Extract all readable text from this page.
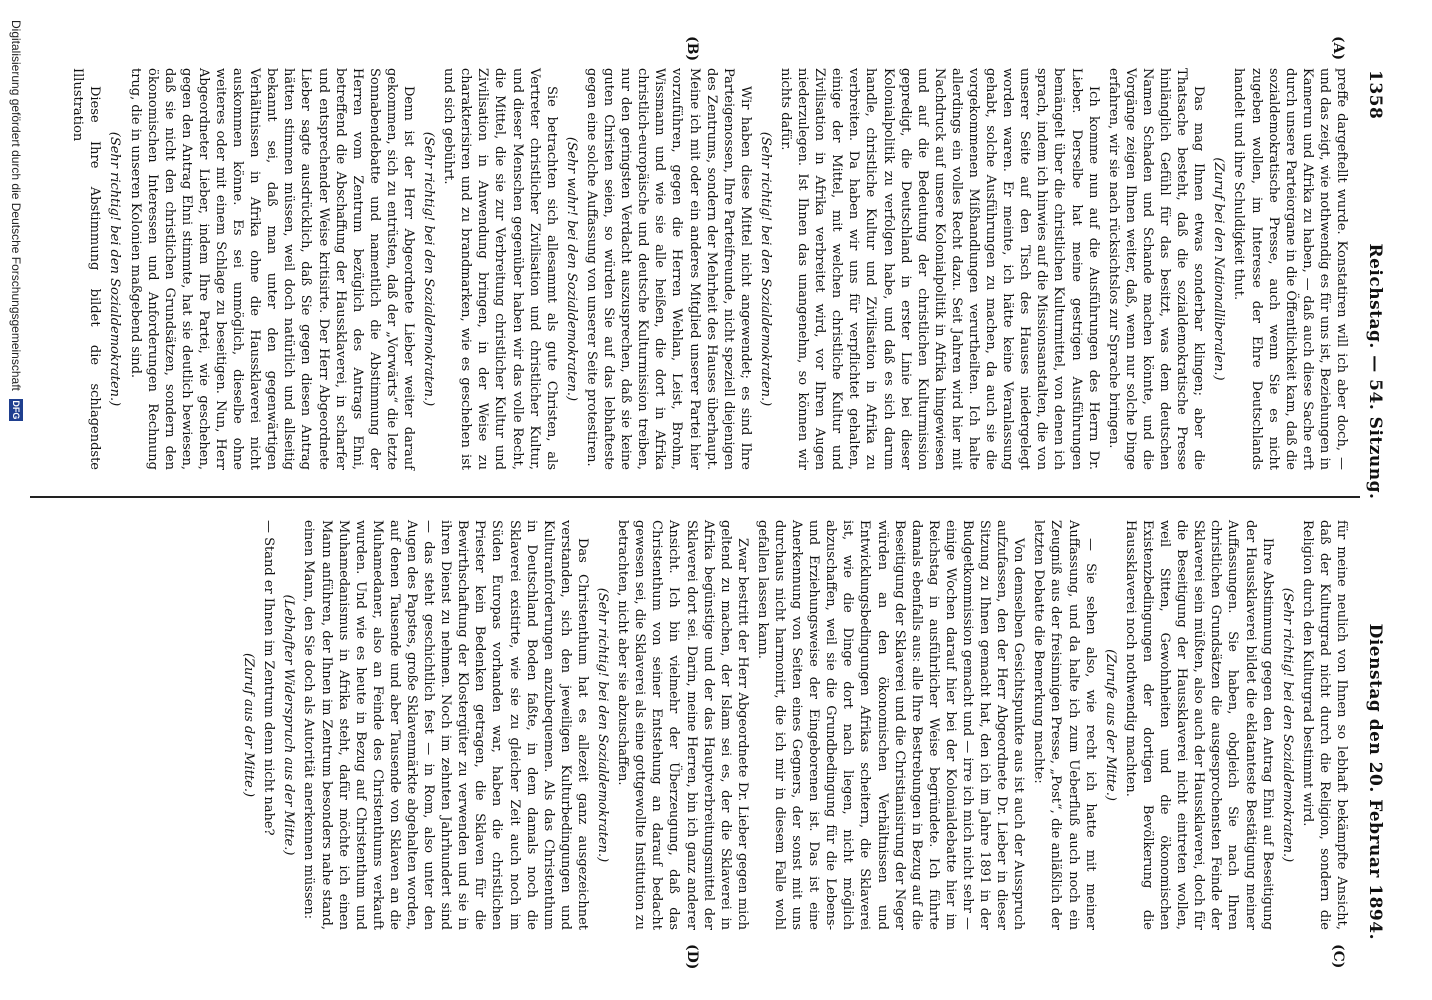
1358
Reichstag. — 54. Sitzung.
Dienstag den 20. Februar 1894.
(A)
(B)
(C)
(D)

preffe dargeftellt wurde. Konstatiren will ich aber doch, — und das zeigt, wie nothwendig es für uns ist, Beziehungen in Kamerun und Afrika zu haben, — daß auch diese Sache erft durch unsere Parteiorgane in die Öffentlichkeit kam, daß die sozialdemokratische Presse, auch wenn Sie es nicht zugeben wollen, im Interesse der Ehre Deutschlands handelt und ihre Schuldigkeit thut.

(Zuruf bei den Nationalliberalen.)

Das mag Ihnen etwas sonderbar klingen; aber die Thatsache besteht, daß die sozialdemokratische Presse hinlänglich Gefühl für das besitzt, was dem deutschen Namen Schaden und Schande machen könnte, und die Vorgänge zeigen Ihnen weiter, daß, wenn nur solche Dinge erfahren, wir sie nach rücksichtslos zur Sprache bringen.

Ich komme nun auf die Ausführungen des Herrn Dr. Lieber. Derselbe hat meine gestrigen Ausführungen bemängelt über die christlichen Kulturmittel, von denen ich sprach, indem ich hinwies auf die Missionsanstalten, die von unserer Seite auf den Tisch des Hauses niedergelegt worden waren. Er meinte, ich hätte keine Veranlassung gehabt, solche Ausführungen zu machen, da auch sie die vorgekommenen Mißhandlungen verurtheilten. Ich halte allerdings ein volles Recht dazu. Seit Jahren wird hier mit Nachdruck auf unsere Kolonialpolitik in Afrika hingewiesen und auf die Bedeutung der christlichen Kulturmission gepredigt, die Deutschland in erster Linie bei dieser Kolonialpolitik zu verfolgen habe, und daß es sich darum handle, christliche Kultur und Zivilisation in Afrika zu verbreiten. Da haben wir uns für verpflichtet gehalten, einige der Mittel, mit welchen christliche Kultur und Zivilisation in Afrika verbreitet wird, vor Ihren Augen niederzulegen. Ist Ihnen das unangenehm, so können wir nichts dafür.

(Sehr richtig! bei den Sozialdemokraten.)

Wir haben diese Mittel nicht angewendet; es sind Ihre Parteigenossen, Ihre Parteifreunde, nicht speziell diejenigen des Zentrums, sondern der Mehrheit des Hauses überhaupt. Meine ich mit oder ein anderes Mitglied unserer Partei hier vorzuführen, gegen die Herren Wehlan, Leist, Brohm, Wissmann und wie sie alle heißen, die dort in Afrika christlich-europäische und deutsche Kulturmission treiben, nur den geringsten Verdacht auszusprechen, daß sie keine guten Christen seien, so würden Sie auf das lebhafteste gegen eine solche Auffassung von unserer Seite protestiren.

(Sehr wahr! bei den Sozialdemokraten.)

Sie betrachten sich allesammt als gute Christen, als Vertreter christlicher Zivilisation und christlicher Kultur, und dieser Menschen gegenüber haben wir das volle Recht, die Mittel, die sie zur Verbreitung christlicher Kultur und Zivilisation in Anwendung bringen, in der Weise zu charakterisiren und zu brandmarken, wie es geschehen ist und sich gebührt.

(Sehr richtig! bei den Sozialdemokraten.)

Denn ist der Herr Abgeordnete Lieber weiter darauf gekommen, sich zu entrüsten, daß der „Vorwärts“ die letzte Sonnabendebatte und namentlich die Abstimmung der Herren vom Zentrum bezüglich des Antrags Ehni, betreffend die Abschaffung der Haussklaverei, in scharfer und entsprechender Weise kritisirte. Der Herr Abgeordnete Lieber sagte ausdrücklich, daß Sie gegen diesen Antrag hätten stimmen müssen, weil doch natürlich und allseitig bekannt sei, daß man unter den gegenwärtigen Verhältnissen in Afrika ohne die Haussklaverei nicht auskommen könne. Es sei unmöglich, dieselbe ohne weiteres oder mit einem Schlage zu beseitigen. Nun, Herr Abgeordneter Lieber, indem Ihre Partei, wie geschehen, gegen den Antrag Ehni stimmte, hat sie deutlich bewiesen, daß sie nicht den christlichen Grundsätzen, sondern den ökonomischen Interessen und Anforderungen Rechnung trug, die in unseren Kolonien maßgebend sind.

(Sehr richtig! bei den Sozialdemokraten.)

Diese Ihre Abstimmung bildet die schlagendste Illustration

für meine neulich von Ihnen so lebhaft bekämpfte Ansicht, daß der Kulturgrad nicht durch die Religion, sondern die Religion durch den Kulturgrad bestimmt wird.

(Sehr richtig! bei den Sozialdemokraten.)

Ihre Abstimmung gegen den Antrag Ehni auf Beseitigung der Haussklaverei bildet die eklatanteste Bestätigung meiner Auffassungen. Sie haben, obgleich Sie nach Ihren christlichen Grundsätzen die ausgesprochensten Feinde der Sklaverei sein müßten, also auch der Haussklaverei, doch für die Beseitigung der Haussklaverei nicht eintreten wollen, weil Sitten, Gewohnheiten und die ökonomischen Existenzbedingungen der dortigen Bevölkerung die Haussklaverei noch nothwendig machten.

(Zurufe aus der Mitte.)

— Sie sehen also, wie recht ich hatte mit meiner Auffassung, und da halte ich zum Ueberfluß auch noch ein Zeugniß aus der freisinnigen Presse, „Post“, die anläßlich der letzten Debatte die Bemerkung machte:

Von demselben Gesichtspunkte aus ist auch der Ausspruch aufzufassen, den der Herr Abgeordnete Dr. Lieber in dieser Sitzung zu Ihnen gemacht hat, den ich im Jahre 1891 in der Budgetkommission gemacht und — irre ich mich nicht sehr — einige Wochen darauf hier bei der Kolonialdebatte hier im Reichstag in ausführlicher Weise begründete. Ich führte damals ebenfalls aus: alle Ihre Bestrebungen in Bezug auf die Beseitigung der Sklaverei und die Christianisirung der Neger würden an den ökonomischen Verhältnissen und Entwicklungsbedingungen Afrikas scheitern, die Sklaverei ist, wie die Dinge dort nach liegen, nicht möglich abzuschaffen, weil sie die Grundbedingung für die Lebens- und Erziehungsweise der Eingeborenen ist. Das ist eine Anerkennung von Seiten eines Gegners, der sonst mit uns durchaus nicht harmonirt, die ich mir in diesem Falle wohl gefallen lassen kann.

Zwar bestritt der Herr Abgeordnete Dr. Lieber gegen mich geltend zu machen, der Islam sei es, der die Sklaverei in Afrika begünstige und der das Hauptverbreitungsmittel der Sklaverei dort sei. Darin, meine Herren, bin ich ganz anderer Ansicht. Ich bin vielmehr der Überzeugung, daß das Christenthum von seiner Entstehung an darauf bedacht gewesen sei, die Sklaverei als eine gottgewollte Institution zu betrachten, nicht aber sie abzuschaffen.

(Sehr richtig! bei den Sozialdemokraten.)

Das Christenthum hat es allezeit ganz ausgezeichnet verstanden, sich den jeweiligen Kulturbedingungen und Kulturanforderungen anzubequemen. Als das Christenthum in Deutschland Boden faßte, in dem damals noch die Sklaverei existirte, wie sie zu gleicher Zeit auch noch im Süden Europas vorhanden war, haben die christlichen Priester kein Bedenken getragen, die Sklaven für die Bewirthschaftung der Klostergüter zu verwenden und sie in ihren Dienst zu nehmen. Noch im zehnten Jahrhundert sind — das steht geschichtlich fest — in Rom, also unter den Augen des Papstes, große Sklavenmärkte abgehalten worden, auf denen Tausende und aber Tausende von Sklaven an die Muhamedaner, also an Feinde des Christenthums verkauft wurden. Und wie es heute in Bezug auf Christenthum und Muhamedanismus in Afrika steht, dafür möchte ich einen Mann anführen, der Ihnen im Zentrum besonders nahe stand, einen Mann, den Sie doch als Autorität anerkennen müssen:

(Lebhafter Widerspruch aus der Mitte.)

— Stand er Ihnen im Zentrum denn nicht nahe?

(Zuruf aus der Mitte.)
Digitalisierung gefördert durch die Deutsche Forschungsgemeinschaft
DFG
